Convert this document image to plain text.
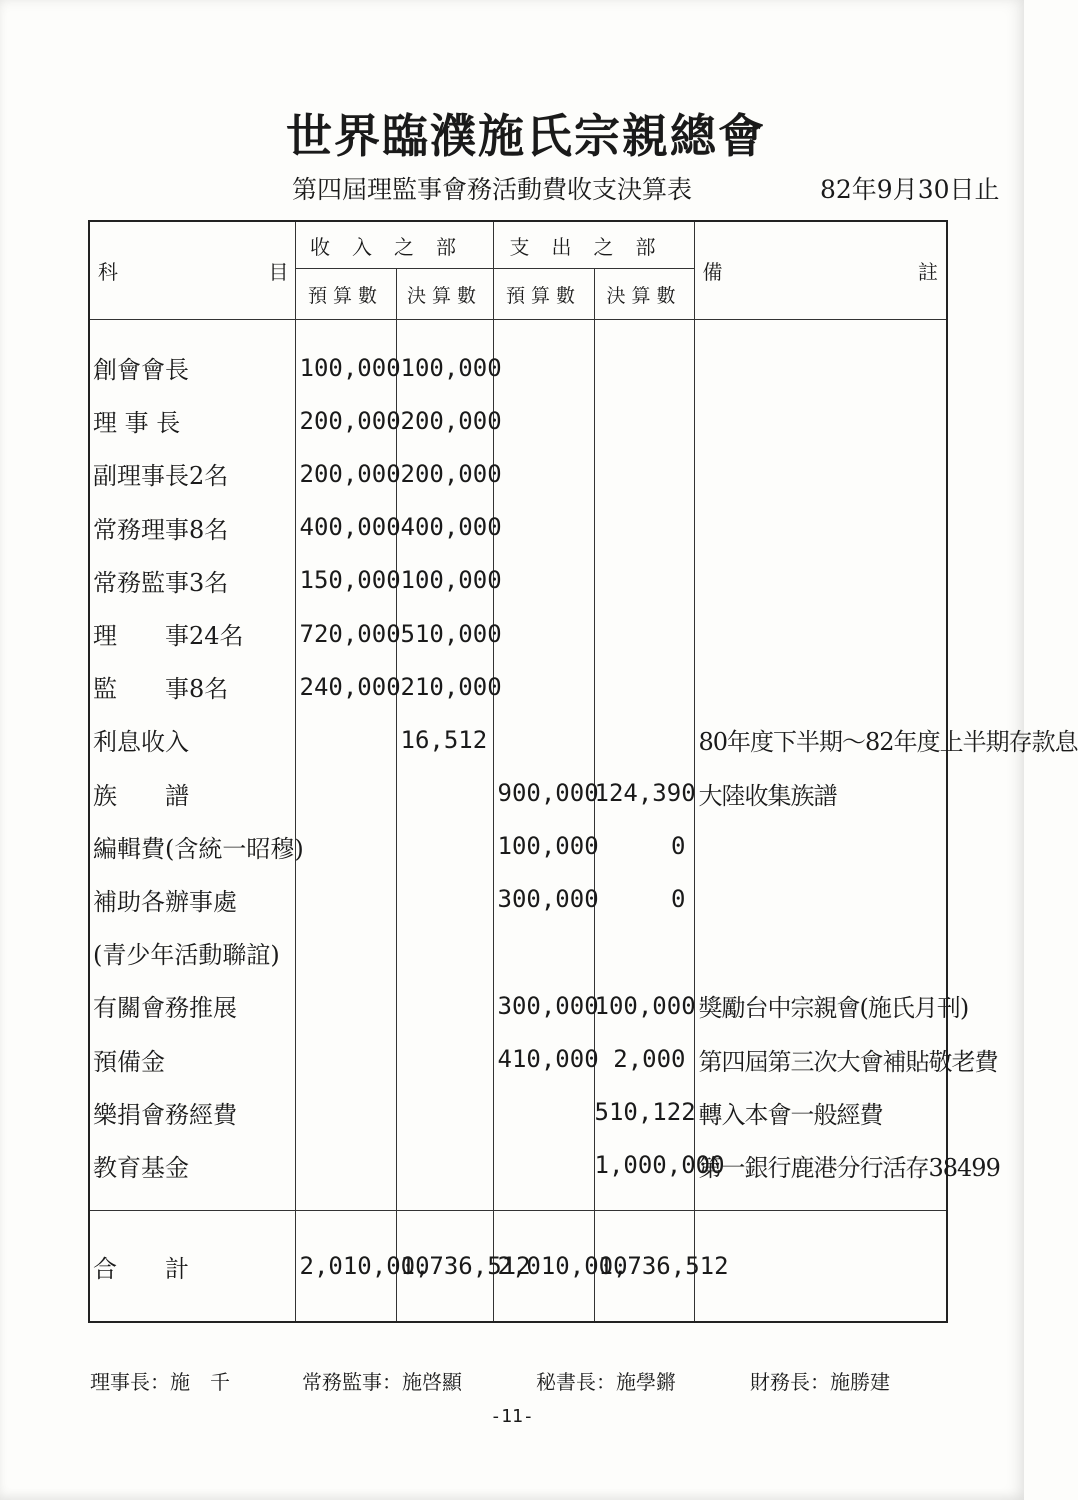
世界臨濮施氏宗親總會
第四屆理監事會務活動費收支決算表	82年9月30日止
科 目	收入之部		支出之部		備 註

	預算數	決算數	預算數	決算數	

創會會長	100,000	100,000			
理 事 長	200,000	200,000			
副理事長2名	200,000	200,000			
常務理事8名	400,000	400,000			
常務監事3名	150,000	100,000			
理　　事24名	720,000	510,000			
監　　事8名	240,000	210,000			
利息收入		16,512			80年度下半期～82年度上半期存款息
族　　譜			900,000	124,390	大陸收集族譜
編輯費(含統一昭穆)			100,000	0	
補助各辦事處			300,000	0	
(青少年活動聯誼)					
有關會務推展			300,000	100,000	獎勵台中宗親會(施氏月刊)
預備金			410,000	2,000	第四屆第三次大會補貼敬老費
樂捐會務經費				510,122	轉入本會一般經費
教育基金				1,000,000	第一銀行鹿港分行活存38499

合　　計	2,010,000	1,736,512	2,010,000	1,736,512	
理事長：施　千	常務監事：施啓顯	秘書長：施學鏘	財務長：施勝建
-11-
